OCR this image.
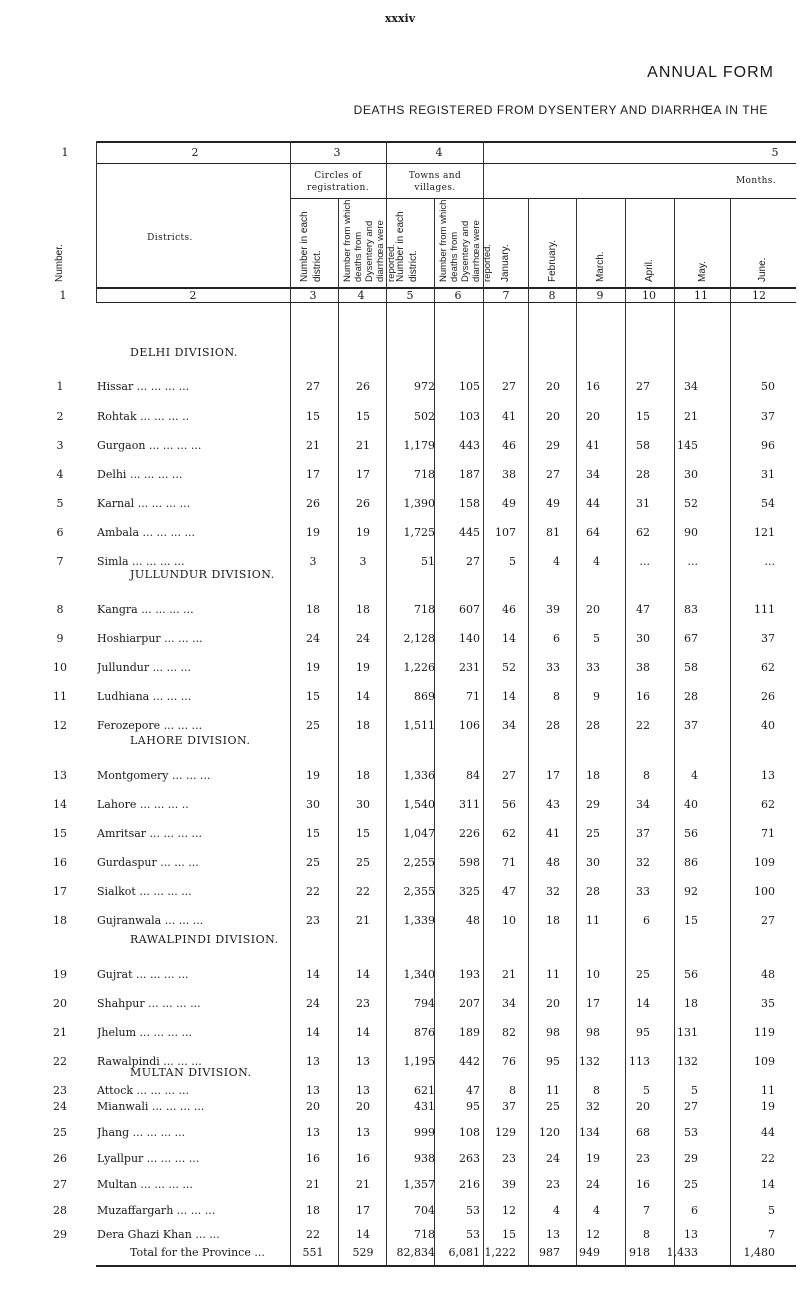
xxxiv
ANNUAL FORM
DEATHS REGISTERED FROM DYSENTERY AND DIARRHŒA IN THE
1	2	3	4	5
Circles of registration.
Towns and villages.
Months.
Districts.
Number.	Number in each district. Number from which deaths from Dysentery and diarrhœa were reported.
Number in each district. Number from which deaths from Dysentery and diarrhœa were reported. January.	February.	March.	April.	May.	June.
1	2	3	4	5	6	7	8	9	10	11	12
DELHI DIVISION.
JULLUNDUR DIVISION.
LAHORE DIVISION.
RAWALPINDI DIVISION.
MULTAN DIVISION.
1	Hissar ... ... ... ...	27	26	972	105	27	20	16	27	34	50
2	Rohtak ... ... ... ..	15	15	502	103	41	20	20	15	21	37
3	Gurgaon ... ... ... ...	21	21	1,179	443	46	29	41	58	145	96
4	Delhi ... ... ... ...	17	17	718	187	38	27	34	28	30	31
5	Karnal ... ... ... ...	26	26	1,390	158	49	49	44	31	52	54
6	Ambala ... ... ... ...	19	19	1,725	445	107	81	64	62	90	121
7	Simla ... ... ... ...	3	3	51	27	5	4	4	...	...	...
8	Kangra ... ... ... ...	18	18	718	607	46	39	20	47	83	111
9	Hoshiarpur ... ... ...	24	24	2,128	140	14	6	5	30	67	37
10	Jullundur ... ... ...	19	19	1,226	231	52	33	33	38	58	62
11	Ludhiana ... ... ...	15	14	869	71	14	8	9	16	28	26
12	Ferozepore ... ... ...	25	18	1,511	106	34	28	28	22	37	40
13	Montgomery ... ... ...	19	18	1,336	84	27	17	18	8	4	13
14	Lahore ... ... ... ..	30	30	1,540	311	56	43	29	34	40	62
15	Amritsar ... ... ... ...	15	15	1,047	226	62	41	25	37	56	71
16	Gurdaspur ... ... ...	25	25	2,255	598	71	48	30	32	86	109
17	Sialkot ... ... ... ...	22	22	2,355	325	47	32	28	33	92	100
18	Gujranwala ... ... ...	23	21	1,339	48	10	18	11	6	15	27
19	Gujrat ... ... ... ...	14	14	1,340	193	21	11	10	25	56	48
20	Shahpur ... ... ... ...	24	23	794	207	34	20	17	14	18	35
21	Jhelum ... ... ... ...	14	14	876	189	82	98	98	95	131	119
22	Rawalpindi ... ... ...	13	13	1,195	442	76	95	132	113	132	109
23	Attock ... ... ... ...	13	13	621	47	8	11	8	5	5	11
24	Mianwali ... ... ... ...	20	20	431	95	37	25	32	20	27	19
25	Jhang ... ... ... ...	13	13	999	108	129	120	134	68	53	44
26	Lyallpur ... ... ... ...	16	16	938	263	23	24	19	23	29	22
27	Multan ... ... ... ...	21	21	1,357	216	39	23	24	16	25	14
28	Muzaffargarh ... ... ...	18	17	704	53	12	4	4	7	6	5
29	Dera Ghazi Khan ... ...	22	14	718	53	15	13	12	8	13	7
Total for the Province ...	551	529	82,834	6,081 1,222	987	949	918	1,433	1,480
